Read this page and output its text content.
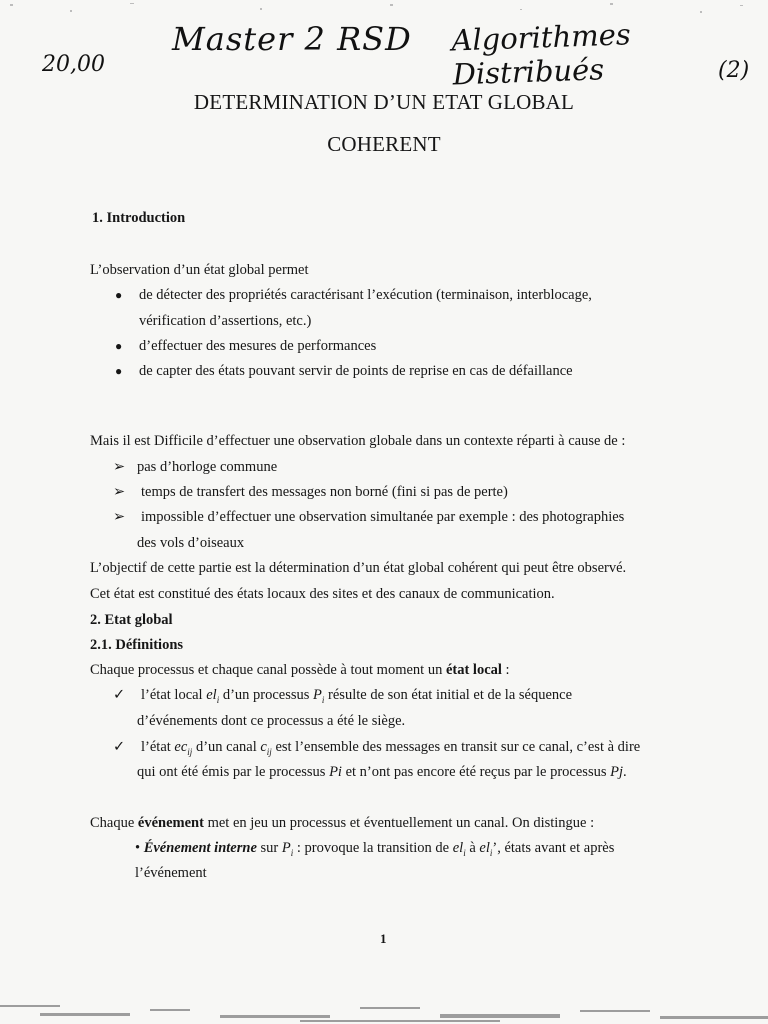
20,00
Master 2 RSD Algorithmes Distribués	(2)
DETERMINATION D’UN ETAT GLOBAL
COHERENT
1. Introduction
L’observation d’un état global permet
● de détecter des propriétés caractérisant l’exécution (terminaison, interblocage,
vérification d’assertions, etc.)
● d’effectuer des mesures de performances
● de capter des états pouvant servir de points de reprise en cas de défaillance
Mais il est Difficile d’effectuer une observation globale dans un contexte réparti à cause de :
➢ pas d’horloge commune
➢ temps de transfert des messages non borné (fini si pas de perte)
➢ impossible d’effectuer une observation simultanée par exemple : des photographies
des vols d’oiseaux
L’objectif de cette partie est la détermination d’un état global cohérent qui peut être observé.
Cet état est constitué des états locaux des sites et des canaux de communication.
2. Etat global
2.1. Définitions
Chaque processus et chaque canal possède à tout moment un état local :
✓ l’état local $el_i$ d’un processus $P_i$ résulte de son état initial et de la séquence
d’événements dont ce processus a été le siège.
✓ l’état $ec_{ij}$ d’un canal $c_{ij}$ est l’ensemble des messages en transit sur ce canal, c’est à dire
qui ont été émis par le processus Pi et n’ont pas encore été reçus par le processus Pj.
Chaque événement met en jeu un processus et éventuellement un canal. On distingue :
• Événement interne sur $P_i$ : provoque la transition de $el_i$ à $el_i$’, états avant et après
l’événement
1
